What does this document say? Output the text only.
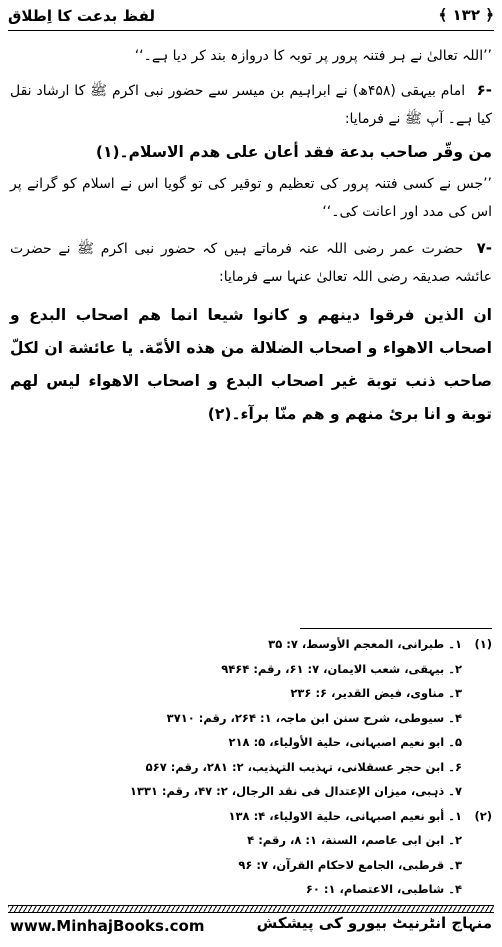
لفظ بدعت کا اِطلاق	﴿ ۱۳۲ ﴾

’’اللہ تعالیٰ نے ہر فتنہ پرور پر توبہ کا دروازہ بند کر دیا ہے۔‘‘

-۶ امام بیہقی (۴۵۸ھ) نے ابراہیم بن میسر سے حضور نبی اکرم ﷺ کا ارشاد نقل کیا ہے۔ آپ ﷺ نے فرمایا:

من وقّر صاحب بدعة فقد أعان علی هدم الاسلام۔(۱)

’’جس نے کسی فتنہ پرور کی تعظیم و توقیر کی تو گویا اس نے اسلام کو گرانے پر اس کی مدد اور اعانت کی۔‘‘

-۷ حضرت عمر رضی اللہ عنہ فرماتے ہیں کہ حضور نبی اکرم ﷺ نے حضرت عائشہ صدیقہ رضی اللہ تعالیٰ عنہا سے فرمایا:

ان الذین فرقوا دینهم و کانوا شیعا انما هم اصحاب البدع و اصحاب الاهواء و اصحاب الضلالة من هذه الأمّة. یا عائشة ان لکلّ صاحب ذنب توبة غیر اصحاب البدع و اصحاب الاهواء لیس لهم توبة و انا بریٔ منهم و هم منّا برآء۔(۲)

(۱)
۱۔ طبرانی، المعجم الأوسط، ۷: ۳۵
۲۔ بیہقی، شعب الایمان، ۷: ۶۱، رقم: ۹۴۶۴
۳۔ مناوی، فیض القدیر، ۶: ۲۳۶
۴۔ سیوطی، شرح سنن ابن ماجہ، ۱: ۲۶۴، رقم: ۳۷۱۰
۵۔ ابو نعیم اصبہانی، حلیة الأولیاء، ۵: ۲۱۸
۶۔ ابن حجر عسقلانی، تہذیب التہذیب، ۲: ۲۸۱، رقم: ۵۶۷
۷۔ ذہبی، میزان الإعتدال فی نقد الرجال، ۲: ۴۷، رقم: ۱۳۳۱
(۲)
۱۔ أبو نعیم اصبہانی، حلیة الاولیاء، ۴: ۱۳۸
۲۔ ابن ابی عاصم، السنة، ۱: ۸، رقم: ۴
۳۔ قرطبی، الجامع لاحکام القرآن، ۷: ۹۶
۴۔ شاطبی، الاعتصام، ۱: ۶۰
www.MinhajBooks.com	منہاج انٹرنیٹ بیورو کی پیشکش
